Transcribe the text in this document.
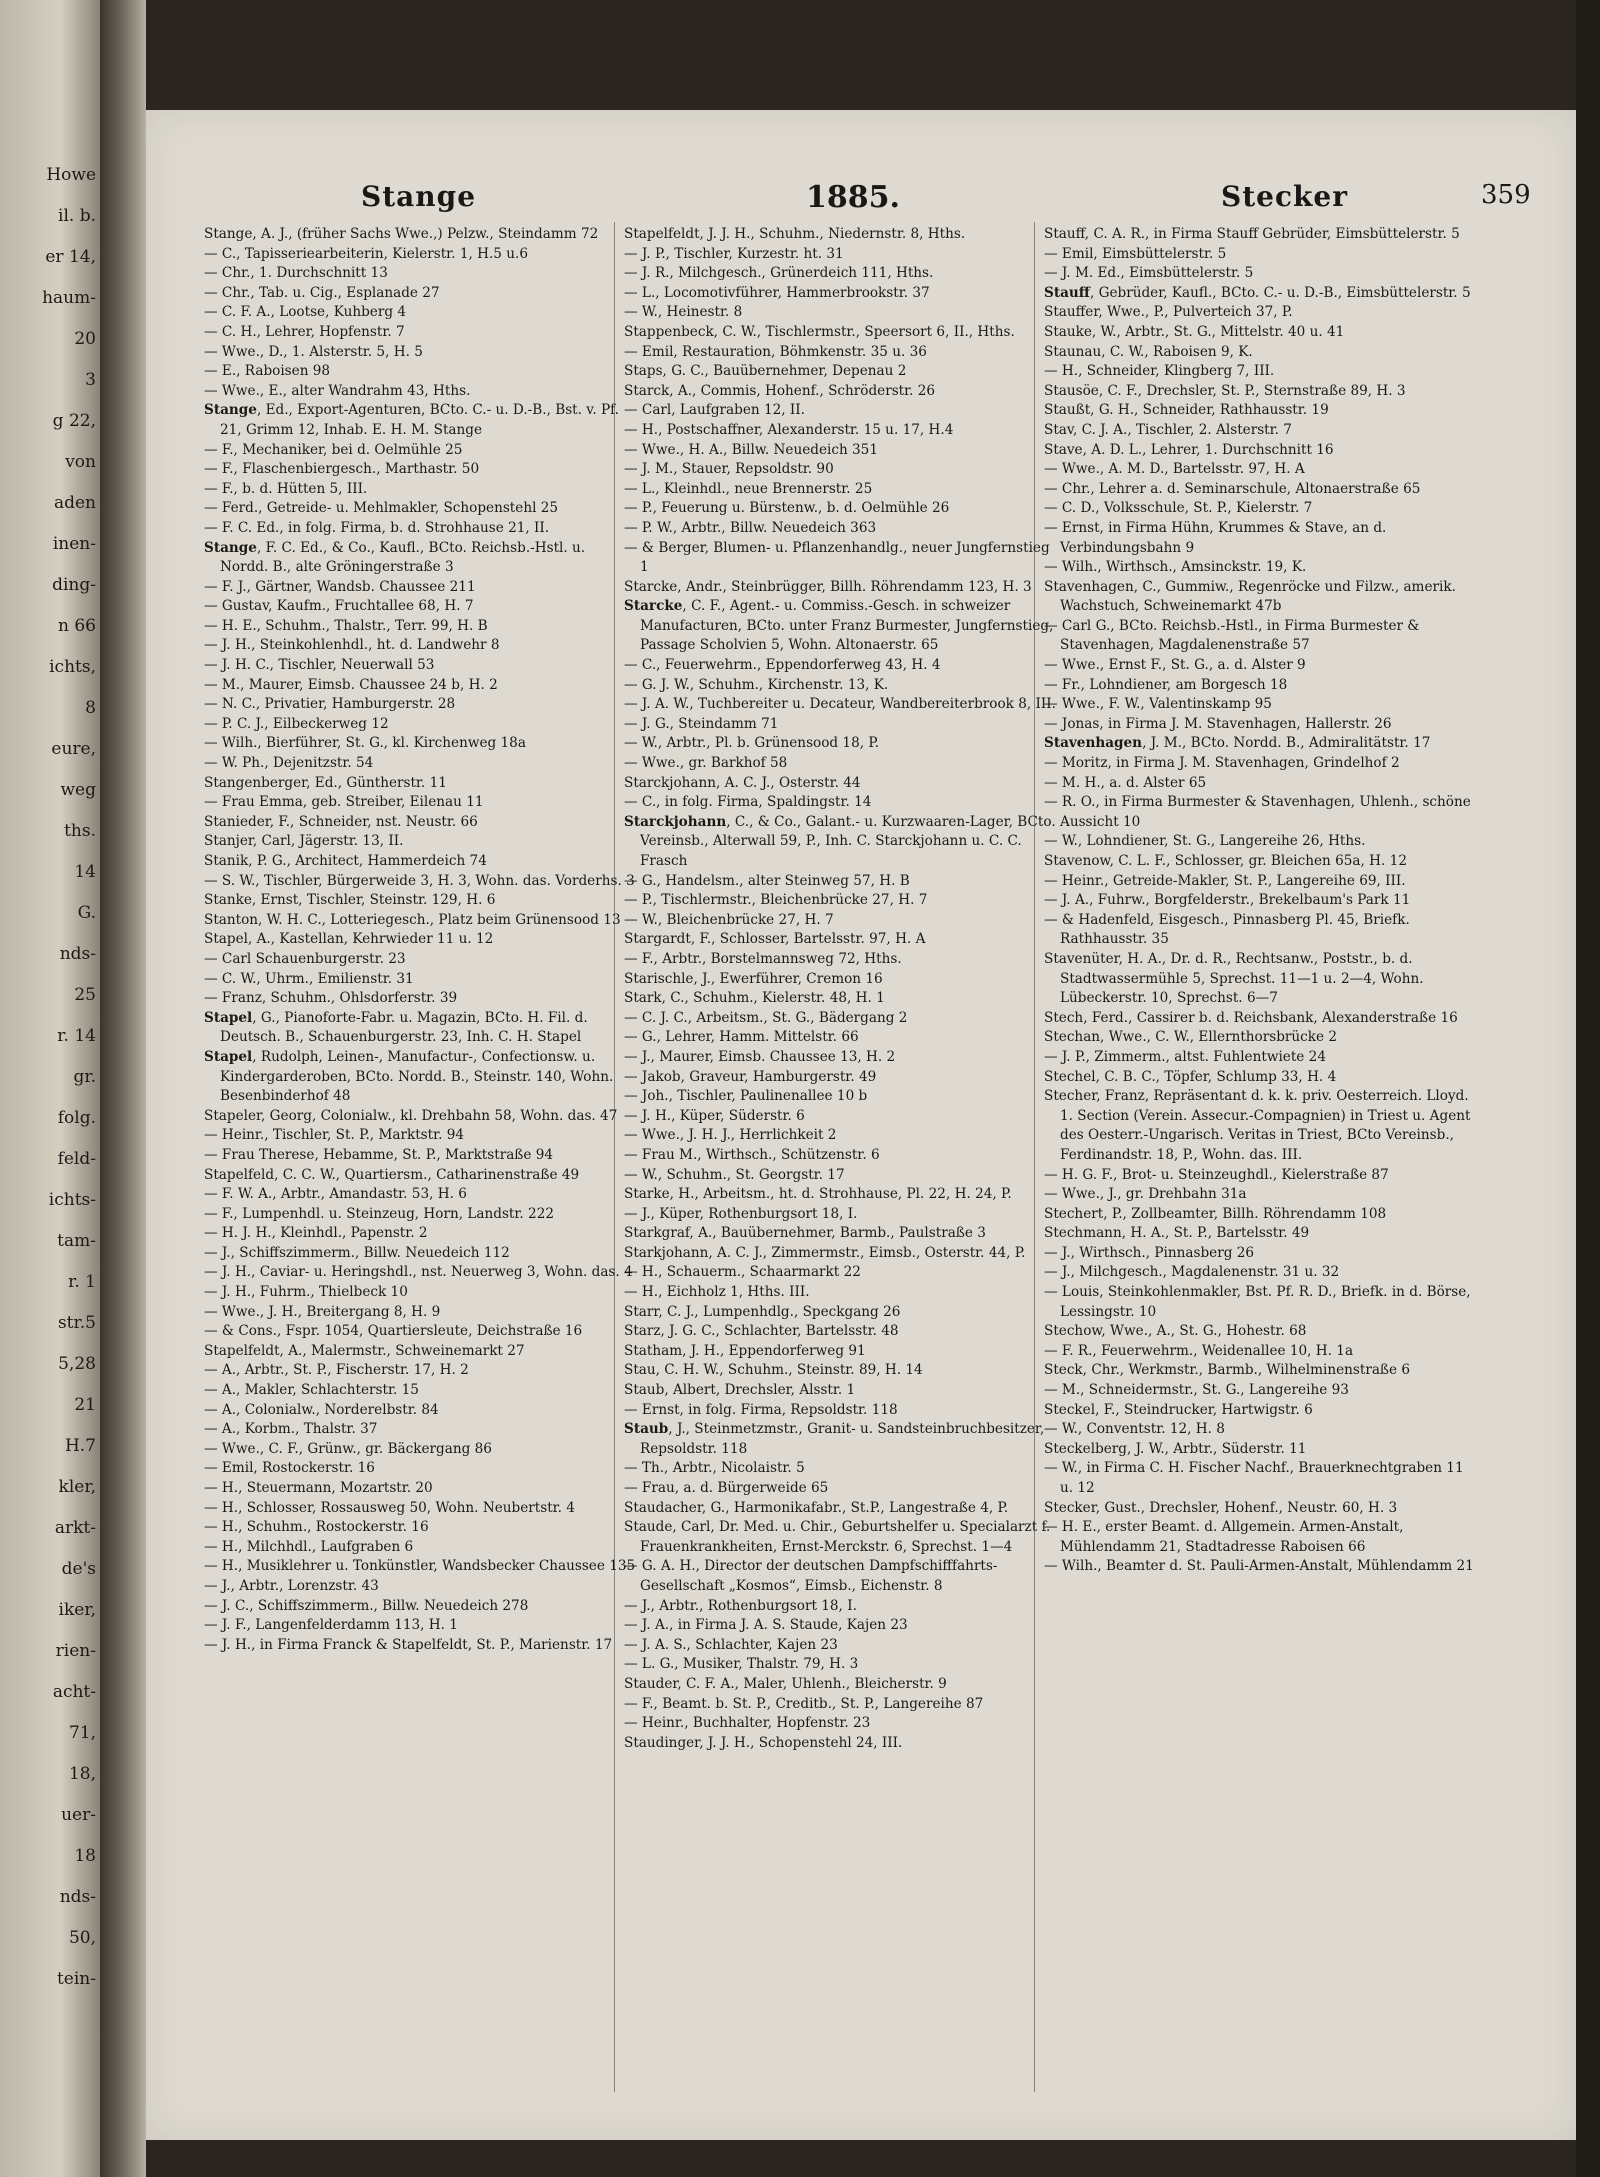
Howe
il. b.
er 14,
haum-
20
3
g 22,
von
aden
inen-
ding-
n 66
ichts,
8
eure,
weg
ths.
14
G.
nds-
25
r. 14
gr.
folg.
feld-
ichts-
tam-
r. 1
str.5
5,28
21
H.7
kler,
arkt-
de's
iker,
rien-
acht-
71,
18,
uer-
18
nds-
50,
tein-
Stange	1885.	Stecker	359

Stange, A. J., (früher Sachs Wwe.,) Pelzw., Steindamm 72

— C., Tapisseriearbeiterin, Kielerstr. 1, H.5 u.6

— Chr., 1. Durchschnitt 13

— Chr., Tab. u. Cig., Esplanade 27

— C. F. A., Lootse, Kuhberg 4

— C. H., Lehrer, Hopfenstr. 7

— Wwe., D., 1. Alsterstr. 5, H. 5

— E., Raboisen 98

— Wwe., E., alter Wandrahm 43, Hths.

Stange, Ed., Export-Agenturen, BCto. C.- u. D.-B., Bst. v. Pf. 21, Grimm 12, Inhab. E. H. M. Stange

— F., Mechaniker, bei d. Oelmühle 25

— F., Flaschenbiergesch., Marthastr. 50

— F., b. d. Hütten 5, III.

— Ferd., Getreide- u. Mehlmakler, Schopenstehl 25

— F. C. Ed., in folg. Firma, b. d. Strohhause 21, II.

Stange, F. C. Ed., & Co., Kaufl., BCto. Reichsb.-Hstl. u. Nordd. B., alte Gröningerstraße 3

— F. J., Gärtner, Wandsb. Chaussee 211

— Gustav, Kaufm., Fruchtallee 68, H. 7

— H. E., Schuhm., Thalstr., Terr. 99, H. B

— J. H., Steinkohlenhdl., ht. d. Landwehr 8

— J. H. C., Tischler, Neuerwall 53

— M., Maurer, Eimsb. Chaussee 24 b, H. 2

— N. C., Privatier, Hamburgerstr. 28

— P. C. J., Eilbeckerweg 12

— Wilh., Bierführer, St. G., kl. Kirchenweg 18a

— W. Ph., Dejenitzstr. 54

Stangenberger, Ed., Güntherstr. 11

— Frau Emma, geb. Streiber, Eilenau 11

Stanieder, F., Schneider, nst. Neustr. 66

Stanjer, Carl, Jägerstr. 13, II.

Stanik, P. G., Architect, Hammerdeich 74

— S. W., Tischler, Bürgerweide 3, H. 3, Wohn. das. Vorderhs. 3

Stanke, Ernst, Tischler, Steinstr. 129, H. 6

Stanton, W. H. C., Lotteriegesch., Platz beim Grünensood 13

Stapel, A., Kastellan, Kehrwieder 11 u. 12

— Carl Schauenburgerstr. 23

— C. W., Uhrm., Emilienstr. 31

— Franz, Schuhm., Ohlsdorferstr. 39

Stapel, G., Pianoforte-Fabr. u. Magazin, BCto. H. Fil. d. Deutsch. B., Schauenburgerstr. 23, Inh. C. H. Stapel

Stapel, Rudolph, Leinen-, Manufactur-, Confectionsw. u. Kindergarderoben, BCto. Nordd. B., Steinstr. 140, Wohn. Besenbinderhof 48

Stapeler, Georg, Colonialw., kl. Drehbahn 58, Wohn. das. 47

— Heinr., Tischler, St. P., Marktstr. 94

— Frau Therese, Hebamme, St. P., Marktstraße 94

Stapelfeld, C. C. W., Quartiersm., Catharinenstraße 49

— F. W. A., Arbtr., Amandastr. 53, H. 6

— F., Lumpenhdl. u. Steinzeug, Horn, Landstr. 222

— H. J. H., Kleinhdl., Papenstr. 2

— J., Schiffszimmerm., Billw. Neuedeich 112

— J. H., Caviar- u. Heringshdl., nst. Neuerweg 3, Wohn. das. 4

— J. H., Fuhrm., Thielbeck 10

— Wwe., J. H., Breitergang 8, H. 9

— & Cons., Fspr. 1054, Quartiersleute, Deichstraße 16

Stapelfeldt, A., Malermstr., Schweinemarkt 27

— A., Arbtr., St. P., Fischerstr. 17, H. 2

— A., Makler, Schlachterstr. 15

— A., Colonialw., Norderelbstr. 84

— A., Korbm., Thalstr. 37

— Wwe., C. F., Grünw., gr. Bäckergang 86

— Emil, Rostockerstr. 16

— H., Steuermann, Mozartstr. 20

— H., Schlosser, Rossausweg 50, Wohn. Neubertstr. 4

— H., Schuhm., Rostockerstr. 16

— H., Milchhdl., Laufgraben 6

— H., Musiklehrer u. Tonkünstler, Wandsbecker Chaussee 135

— J., Arbtr., Lorenzstr. 43

— J. C., Schiffszimmerm., Billw. Neuedeich 278

— J. F., Langenfelderdamm 113, H. 1

— J. H., in Firma Franck & Stapelfeldt, St. P., Marienstr. 17

Stapelfeldt, J. J. H., Schuhm., Niedernstr. 8, Hths.

— J. P., Tischler, Kurzestr. ht. 31

— J. R., Milchgesch., Grünerdeich 111, Hths.

— L., Locomotivführer, Hammerbrookstr. 37

— W., Heinestr. 8

Stappenbeck, C. W., Tischlermstr., Speersort 6, II., Hths.

— Emil, Restauration, Böhmkenstr. 35 u. 36

Staps, G. C., Bauübernehmer, Depenau 2

Starck, A., Commis, Hohenf., Schröderstr. 26

— Carl, Laufgraben 12, II.

— H., Postschaffner, Alexanderstr. 15 u. 17, H.4

— Wwe., H. A., Billw. Neuedeich 351

— J. M., Stauer, Repsoldstr. 90

— L., Kleinhdl., neue Brennerstr. 25

— P., Feuerung u. Bürstenw., b. d. Oelmühle 26

— P. W., Arbtr., Billw. Neuedeich 363

— & Berger, Blumen- u. Pflanzenhandlg., neuer Jungfernstieg 1

Starcke, Andr., Steinbrügger, Billh. Röhrendamm 123, H. 3

Starcke, C. F., Agent.- u. Commiss.-Gesch. in schweizer Manufacturen, BCto. unter Franz Burmester, Jungfernstieg, Passage Scholvien 5, Wohn. Altonaerstr. 65

— C., Feuerwehrm., Eppendorferweg 43, H. 4

— G. J. W., Schuhm., Kirchenstr. 13, K.

— J. A. W., Tuchbereiter u. Decateur, Wandbereiterbrook 8, III.

— J. G., Steindamm 71

— W., Arbtr., Pl. b. Grünensood 18, P.

— Wwe., gr. Barkhof 58

Starckjohann, A. C. J., Osterstr. 44

— C., in folg. Firma, Spaldingstr. 14

Starckjohann, C., & Co., Galant.- u. Kurzwaaren-Lager, BCto. Vereinsb., Alterwall 59, P., Inh. C. Starckjohann u. C. C. Frasch

— G., Handelsm., alter Steinweg 57, H. B

— P., Tischlermstr., Bleichenbrücke 27, H. 7

— W., Bleichenbrücke 27, H. 7

Stargardt, F., Schlosser, Bartelsstr. 97, H. A

— F., Arbtr., Borstelmannsweg 72, Hths.

Starischle, J., Ewerführer, Cremon 16

Stark, C., Schuhm., Kielerstr. 48, H. 1

— C. J. C., Arbeitsm., St. G., Bädergang 2

— G., Lehrer, Hamm. Mittelstr. 66

— J., Maurer, Eimsb. Chaussee 13, H. 2

— Jakob, Graveur, Hamburgerstr. 49

— Joh., Tischler, Paulinenallee 10 b

— J. H., Küper, Süderstr. 6

— Wwe., J. H. J., Herrlichkeit 2

— Frau M., Wirthsch., Schützenstr. 6

— W., Schuhm., St. Georgstr. 17

Starke, H., Arbeitsm., ht. d. Strohhause, Pl. 22, H. 24, P.

— J., Küper, Rothenburgsort 18, I.

Starkgraf, A., Bauübernehmer, Barmb., Paulstraße 3

Starkjohann, A. C. J., Zimmermstr., Eimsb., Osterstr. 44, P.

— H., Schauerm., Schaarmarkt 22

— H., Eichholz 1, Hths. III.

Starr, C. J., Lumpenhdlg., Speckgang 26

Starz, J. G. C., Schlachter, Bartelsstr. 48

Statham, J. H., Eppendorferweg 91

Stau, C. H. W., Schuhm., Steinstr. 89, H. 14

Staub, Albert, Drechsler, Alsstr. 1

— Ernst, in folg. Firma, Repsoldstr. 118

Staub, J., Steinmetzmstr., Granit- u. Sandsteinbruchbesitzer, Repsoldstr. 118

— Th., Arbtr., Nicolaistr. 5

— Frau, a. d. Bürgerweide 65

Staudacher, G., Harmonikafabr., St.P., Langestraße 4, P.

Staude, Carl, Dr. Med. u. Chir., Geburtshelfer u. Specialarzt f. Frauenkrankheiten, Ernst-Merckstr. 6, Sprechst. 1—4

— G. A. H., Director der deutschen Dampfschifffahrts-Gesellschaft „Kosmos“, Eimsb., Eichenstr. 8

— J., Arbtr., Rothenburgsort 18, I.

— J. A., in Firma J. A. S. Staude, Kajen 23

— J. A. S., Schlachter, Kajen 23

— L. G., Musiker, Thalstr. 79, H. 3

Stauder, C. F. A., Maler, Uhlenh., Bleicherstr. 9

— F., Beamt. b. St. P., Creditb., St. P., Langereihe 87

— Heinr., Buchhalter, Hopfenstr. 23

Staudinger, J. J. H., Schopenstehl 24, III.

Stauff, C. A. R., in Firma Stauff Gebrüder, Eimsbüttelerstr. 5

— Emil, Eimsbüttelerstr. 5

— J. M. Ed., Eimsbüttelerstr. 5

Stauff, Gebrüder, Kaufl., BCto. C.- u. D.-B., Eimsbüttelerstr. 5

Stauffer, Wwe., P., Pulverteich 37, P.

Stauke, W., Arbtr., St. G., Mittelstr. 40 u. 41

Staunau, C. W., Raboisen 9, K.

— H., Schneider, Klingberg 7, III.

Stausöe, C. F., Drechsler, St. P., Sternstraße 89, H. 3

Staußt, G. H., Schneider, Rathhausstr. 19

Stav, C. J. A., Tischler, 2. Alsterstr. 7

Stave, A. D. L., Lehrer, 1. Durchschnitt 16

— Wwe., A. M. D., Bartelsstr. 97, H. A

— Chr., Lehrer a. d. Seminarschule, Altonaerstraße 65

— C. D., Volksschule, St. P., Kielerstr. 7

— Ernst, in Firma Hühn, Krummes & Stave, an d. Verbindungsbahn 9

— Wilh., Wirthsch., Amsinckstr. 19, K.

Stavenhagen, C., Gummiw., Regenröcke und Filzw., amerik. Wachstuch, Schweinemarkt 47b

— Carl G., BCto. Reichsb.-Hstl., in Firma Burmester & Stavenhagen, Magdalenenstraße 57

— Wwe., Ernst F., St. G., a. d. Alster 9

— Fr., Lohndiener, am Borgesch 18

— Wwe., F. W., Valentinskamp 95

— Jonas, in Firma J. M. Stavenhagen, Hallerstr. 26

Stavenhagen, J. M., BCto. Nordd. B., Admiralitätstr. 17

— Moritz, in Firma J. M. Stavenhagen, Grindelhof 2

— M. H., a. d. Alster 65

— R. O., in Firma Burmester & Stavenhagen, Uhlenh., schöne Aussicht 10

— W., Lohndiener, St. G., Langereihe 26, Hths.

Stavenow, C. L. F., Schlosser, gr. Bleichen 65a, H. 12

— Heinr., Getreide-Makler, St. P., Langereihe 69, III.

— J. A., Fuhrw., Borgfelderstr., Brekelbaum's Park 11

— & Hadenfeld, Eisgesch., Pinnasberg Pl. 45, Briefk. Rathhausstr. 35

Stavenüter, H. A., Dr. d. R., Rechtsanw., Poststr., b. d. Stadtwassermühle 5, Sprechst. 11—1 u. 2—4, Wohn. Lübeckerstr. 10, Sprechst. 6—7

Stech, Ferd., Cassirer b. d. Reichsbank, Alexanderstraße 16

Stechan, Wwe., C. W., Ellernthorsbrücke 2

— J. P., Zimmerm., altst. Fuhlentwiete 24

Stechel, C. B. C., Töpfer, Schlump 33, H. 4

Stecher, Franz, Repräsentant d. k. k. priv. Oesterreich. Lloyd. 1. Section (Verein. Assecur.-Compagnien) in Triest u. Agent des Oesterr.-Ungarisch. Veritas in Triest, BCto Vereinsb., Ferdinandstr. 18, P., Wohn. das. III.

— H. G. F., Brot- u. Steinzeughdl., Kielerstraße 87

— Wwe., J., gr. Drehbahn 31a

Stechert, P., Zollbeamter, Billh. Röhrendamm 108

Stechmann, H. A., St. P., Bartelsstr. 49

— J., Wirthsch., Pinnasberg 26

— J., Milchgesch., Magdalenenstr. 31 u. 32

— Louis, Steinkohlenmakler, Bst. Pf. R. D., Briefk. in d. Börse, Lessingstr. 10

Stechow, Wwe., A., St. G., Hohestr. 68

— F. R., Feuerwehrm., Weidenallee 10, H. 1a

Steck, Chr., Werkmstr., Barmb., Wilhelminenstraße 6

— M., Schneidermstr., St. G., Langereihe 93

Steckel, F., Steindrucker, Hartwigstr. 6

— W., Conventstr. 12, H. 8

Steckelberg, J. W., Arbtr., Süderstr. 11

— W., in Firma C. H. Fischer Nachf., Brauerknechtgraben 11 u. 12

Stecker, Gust., Drechsler, Hohenf., Neustr. 60, H. 3

— H. E., erster Beamt. d. Allgemein. Armen-Anstalt, Mühlendamm 21, Stadtadresse Raboisen 66

— Wilh., Beamter d. St. Pauli-Armen-Anstalt, Mühlendamm 21
